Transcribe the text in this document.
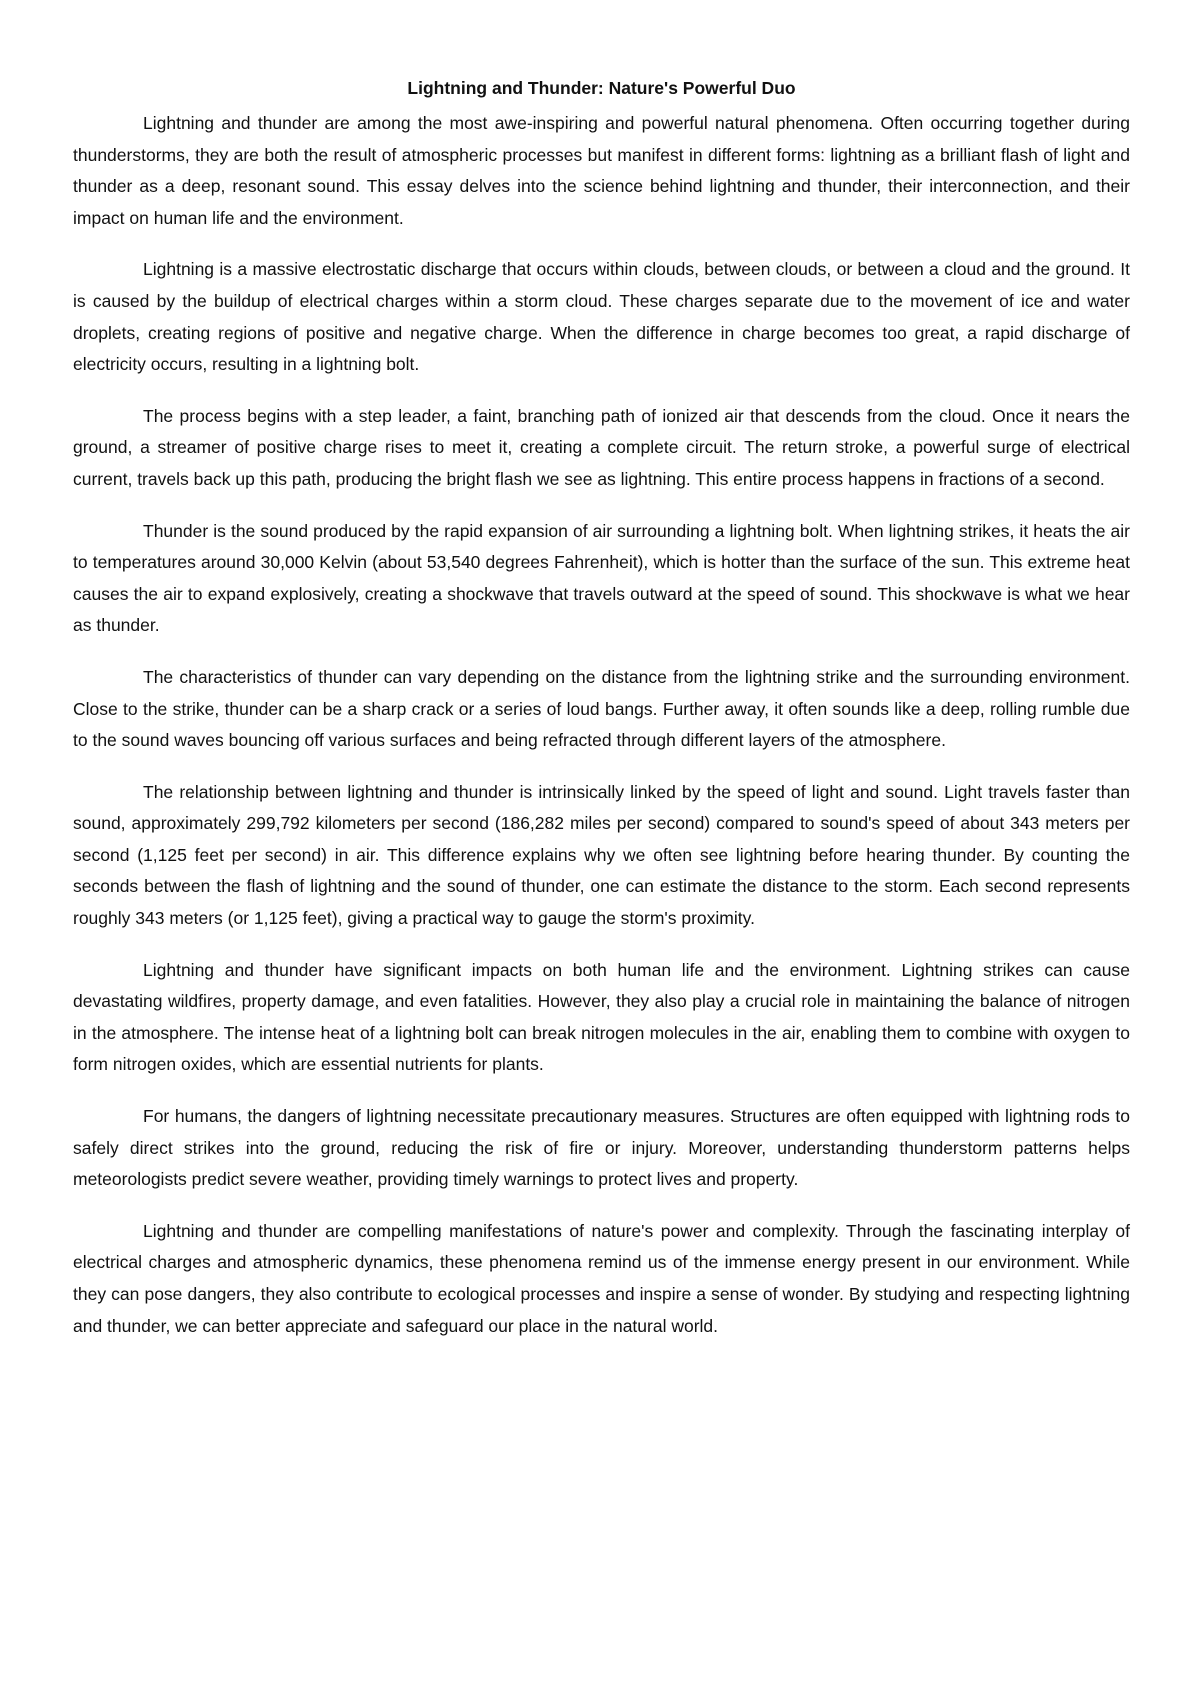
Lightning and Thunder: Nature's Powerful Duo

Lightning and thunder are among the most awe-inspiring and powerful natural phenomena. Often occurring together during thunderstorms, they are both the result of atmospheric processes but manifest in different forms: lightning as a brilliant flash of light and thunder as a deep, resonant sound. This essay delves into the science behind lightning and thunder, their interconnection, and their impact on human life and the environment.

Lightning is a massive electrostatic discharge that occurs within clouds, between clouds, or between a cloud and the ground. It is caused by the buildup of electrical charges within a storm cloud. These charges separate due to the movement of ice and water droplets, creating regions of positive and negative charge. When the difference in charge becomes too great, a rapid discharge of electricity occurs, resulting in a lightning bolt.

The process begins with a step leader, a faint, branching path of ionized air that descends from the cloud. Once it nears the ground, a streamer of positive charge rises to meet it, creating a complete circuit. The return stroke, a powerful surge of electrical current, travels back up this path, producing the bright flash we see as lightning. This entire process happens in fractions of a second.

Thunder is the sound produced by the rapid expansion of air surrounding a lightning bolt. When lightning strikes, it heats the air to temperatures around 30,000 Kelvin (about 53,540 degrees Fahrenheit), which is hotter than the surface of the sun. This extreme heat causes the air to expand explosively, creating a shockwave that travels outward at the speed of sound. This shockwave is what we hear as thunder.

The characteristics of thunder can vary depending on the distance from the lightning strike and the surrounding environment. Close to the strike, thunder can be a sharp crack or a series of loud bangs. Further away, it often sounds like a deep, rolling rumble due to the sound waves bouncing off various surfaces and being refracted through different layers of the atmosphere.

The relationship between lightning and thunder is intrinsically linked by the speed of light and sound. Light travels faster than sound, approximately 299,792 kilometers per second (186,282 miles per second) compared to sound's speed of about 343 meters per second (1,125 feet per second) in air. This difference explains why we often see lightning before hearing thunder. By counting the seconds between the flash of lightning and the sound of thunder, one can estimate the distance to the storm. Each second represents roughly 343 meters (or 1,125 feet), giving a practical way to gauge the storm's proximity.

Lightning and thunder have significant impacts on both human life and the environment. Lightning strikes can cause devastating wildfires, property damage, and even fatalities. However, they also play a crucial role in maintaining the balance of nitrogen in the atmosphere. The intense heat of a lightning bolt can break nitrogen molecules in the air, enabling them to combine with oxygen to form nitrogen oxides, which are essential nutrients for plants.

For humans, the dangers of lightning necessitate precautionary measures. Structures are often equipped with lightning rods to safely direct strikes into the ground, reducing the risk of fire or injury. Moreover, understanding thunderstorm patterns helps meteorologists predict severe weather, providing timely warnings to protect lives and property.

Lightning and thunder are compelling manifestations of nature's power and complexity. Through the fascinating interplay of electrical charges and atmospheric dynamics, these phenomena remind us of the immense energy present in our environment. While they can pose dangers, they also contribute to ecological processes and inspire a sense of wonder. By studying and respecting lightning and thunder, we can better appreciate and safeguard our place in the natural world.
